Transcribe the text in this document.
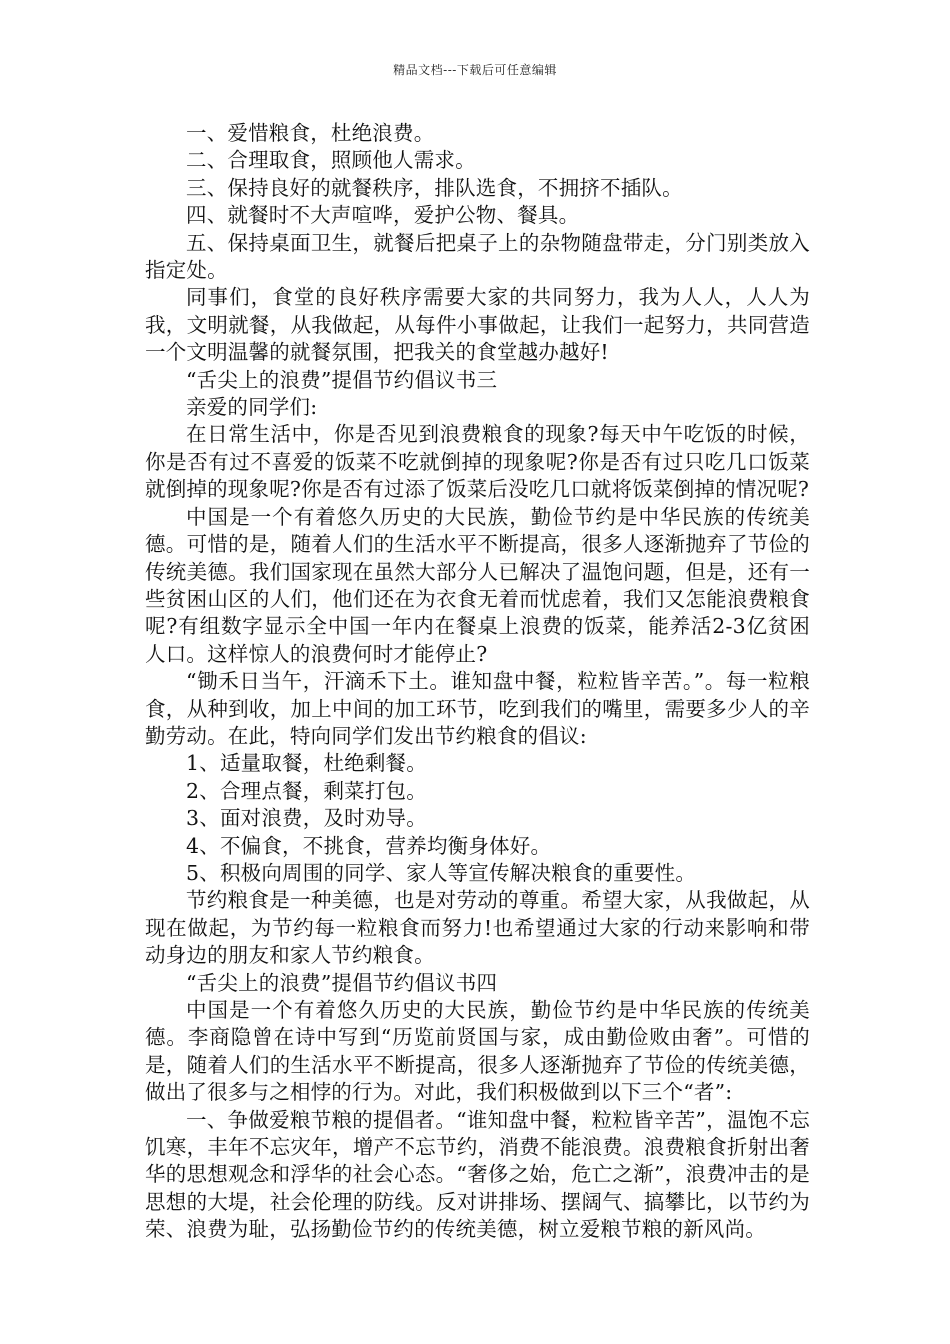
精品文档---下载后可任意编辑

一、爱惜粮食，杜绝浪费。

二、合理取食，照顾他人需求。

三、保持良好的就餐秩序，排队选食，不拥挤不插队。

四、就餐时不大声喧哗，爱护公物、餐具。

五、保持桌面卫生，就餐后把桌子上的杂物随盘带走，分门别类放入指定处。

同事们，食堂的良好秩序需要大家的共同努力，我为人人，人人为我，文明就餐，从我做起，从每件小事做起，让我们一起努力，共同营造一个文明温馨的就餐氛围，把我关的食堂越办越好!

“舌尖上的浪费”提倡节约倡议书三

亲爱的同学们:

在日常生活中，你是否见到浪费粮食的现象?每天中午吃饭的时候，你是否有过不喜爱的饭菜不吃就倒掉的现象呢?你是否有过只吃几口饭菜就倒掉的现象呢?你是否有过添了饭菜后没吃几口就将饭菜倒掉的情况呢?

中国是一个有着悠久历史的大民族，勤俭节约是中华民族的传统美德。可惜的是，随着人们的生活水平不断提高，很多人逐渐抛弃了节俭的传统美德。我们国家现在虽然大部分人已解决了温饱问题，但是，还有一些贫困山区的人们，他们还在为衣食无着而忧虑着，我们又怎能浪费粮食呢?有组数字显示全中国一年内在餐桌上浪费的饭菜，能养活2-3亿贫困人口。这样惊人的浪费何时才能停止?

“锄禾日当午，汗滴禾下土。谁知盘中餐，粒粒皆辛苦。”。每一粒粮食，从种到收，加上中间的加工环节，吃到我们的嘴里，需要多少人的辛勤劳动。在此，特向同学们发出节约粮食的倡议:

1、适量取餐，杜绝剩餐。

2、合理点餐，剩菜打包。

3、面对浪费，及时劝导。

4、不偏食，不挑食，营养均衡身体好。

5、积极向周围的同学、家人等宣传解决粮食的重要性。

节约粮食是一种美德，也是对劳动的尊重。希望大家，从我做起，从现在做起，为节约每一粒粮食而努力!也希望通过大家的行动来影响和带动身边的朋友和家人节约粮食。

“舌尖上的浪费”提倡节约倡议书四

中国是一个有着悠久历史的大民族，勤俭节约是中华民族的传统美德。李商隐曾在诗中写到“历览前贤国与家，成由勤俭败由奢”。可惜的是，随着人们的生活水平不断提高，很多人逐渐抛弃了节俭的传统美德，做出了很多与之相悖的行为。对此，我们积极做到以下三个“者”:

一、争做爱粮节粮的提倡者。“谁知盘中餐，粒粒皆辛苦”，温饱不忘饥寒，丰年不忘灾年，增产不忘节约，消费不能浪费。浪费粮食折射出奢华的思想观念和浮华的社会心态。“奢侈之始，危亡之渐”，浪费冲击的是思想的大堤，社会伦理的防线。反对讲排场、摆阔气、搞攀比，以节约为荣、浪费为耻，弘扬勤俭节约的传统美德，树立爱粮节粮的新风尚。
